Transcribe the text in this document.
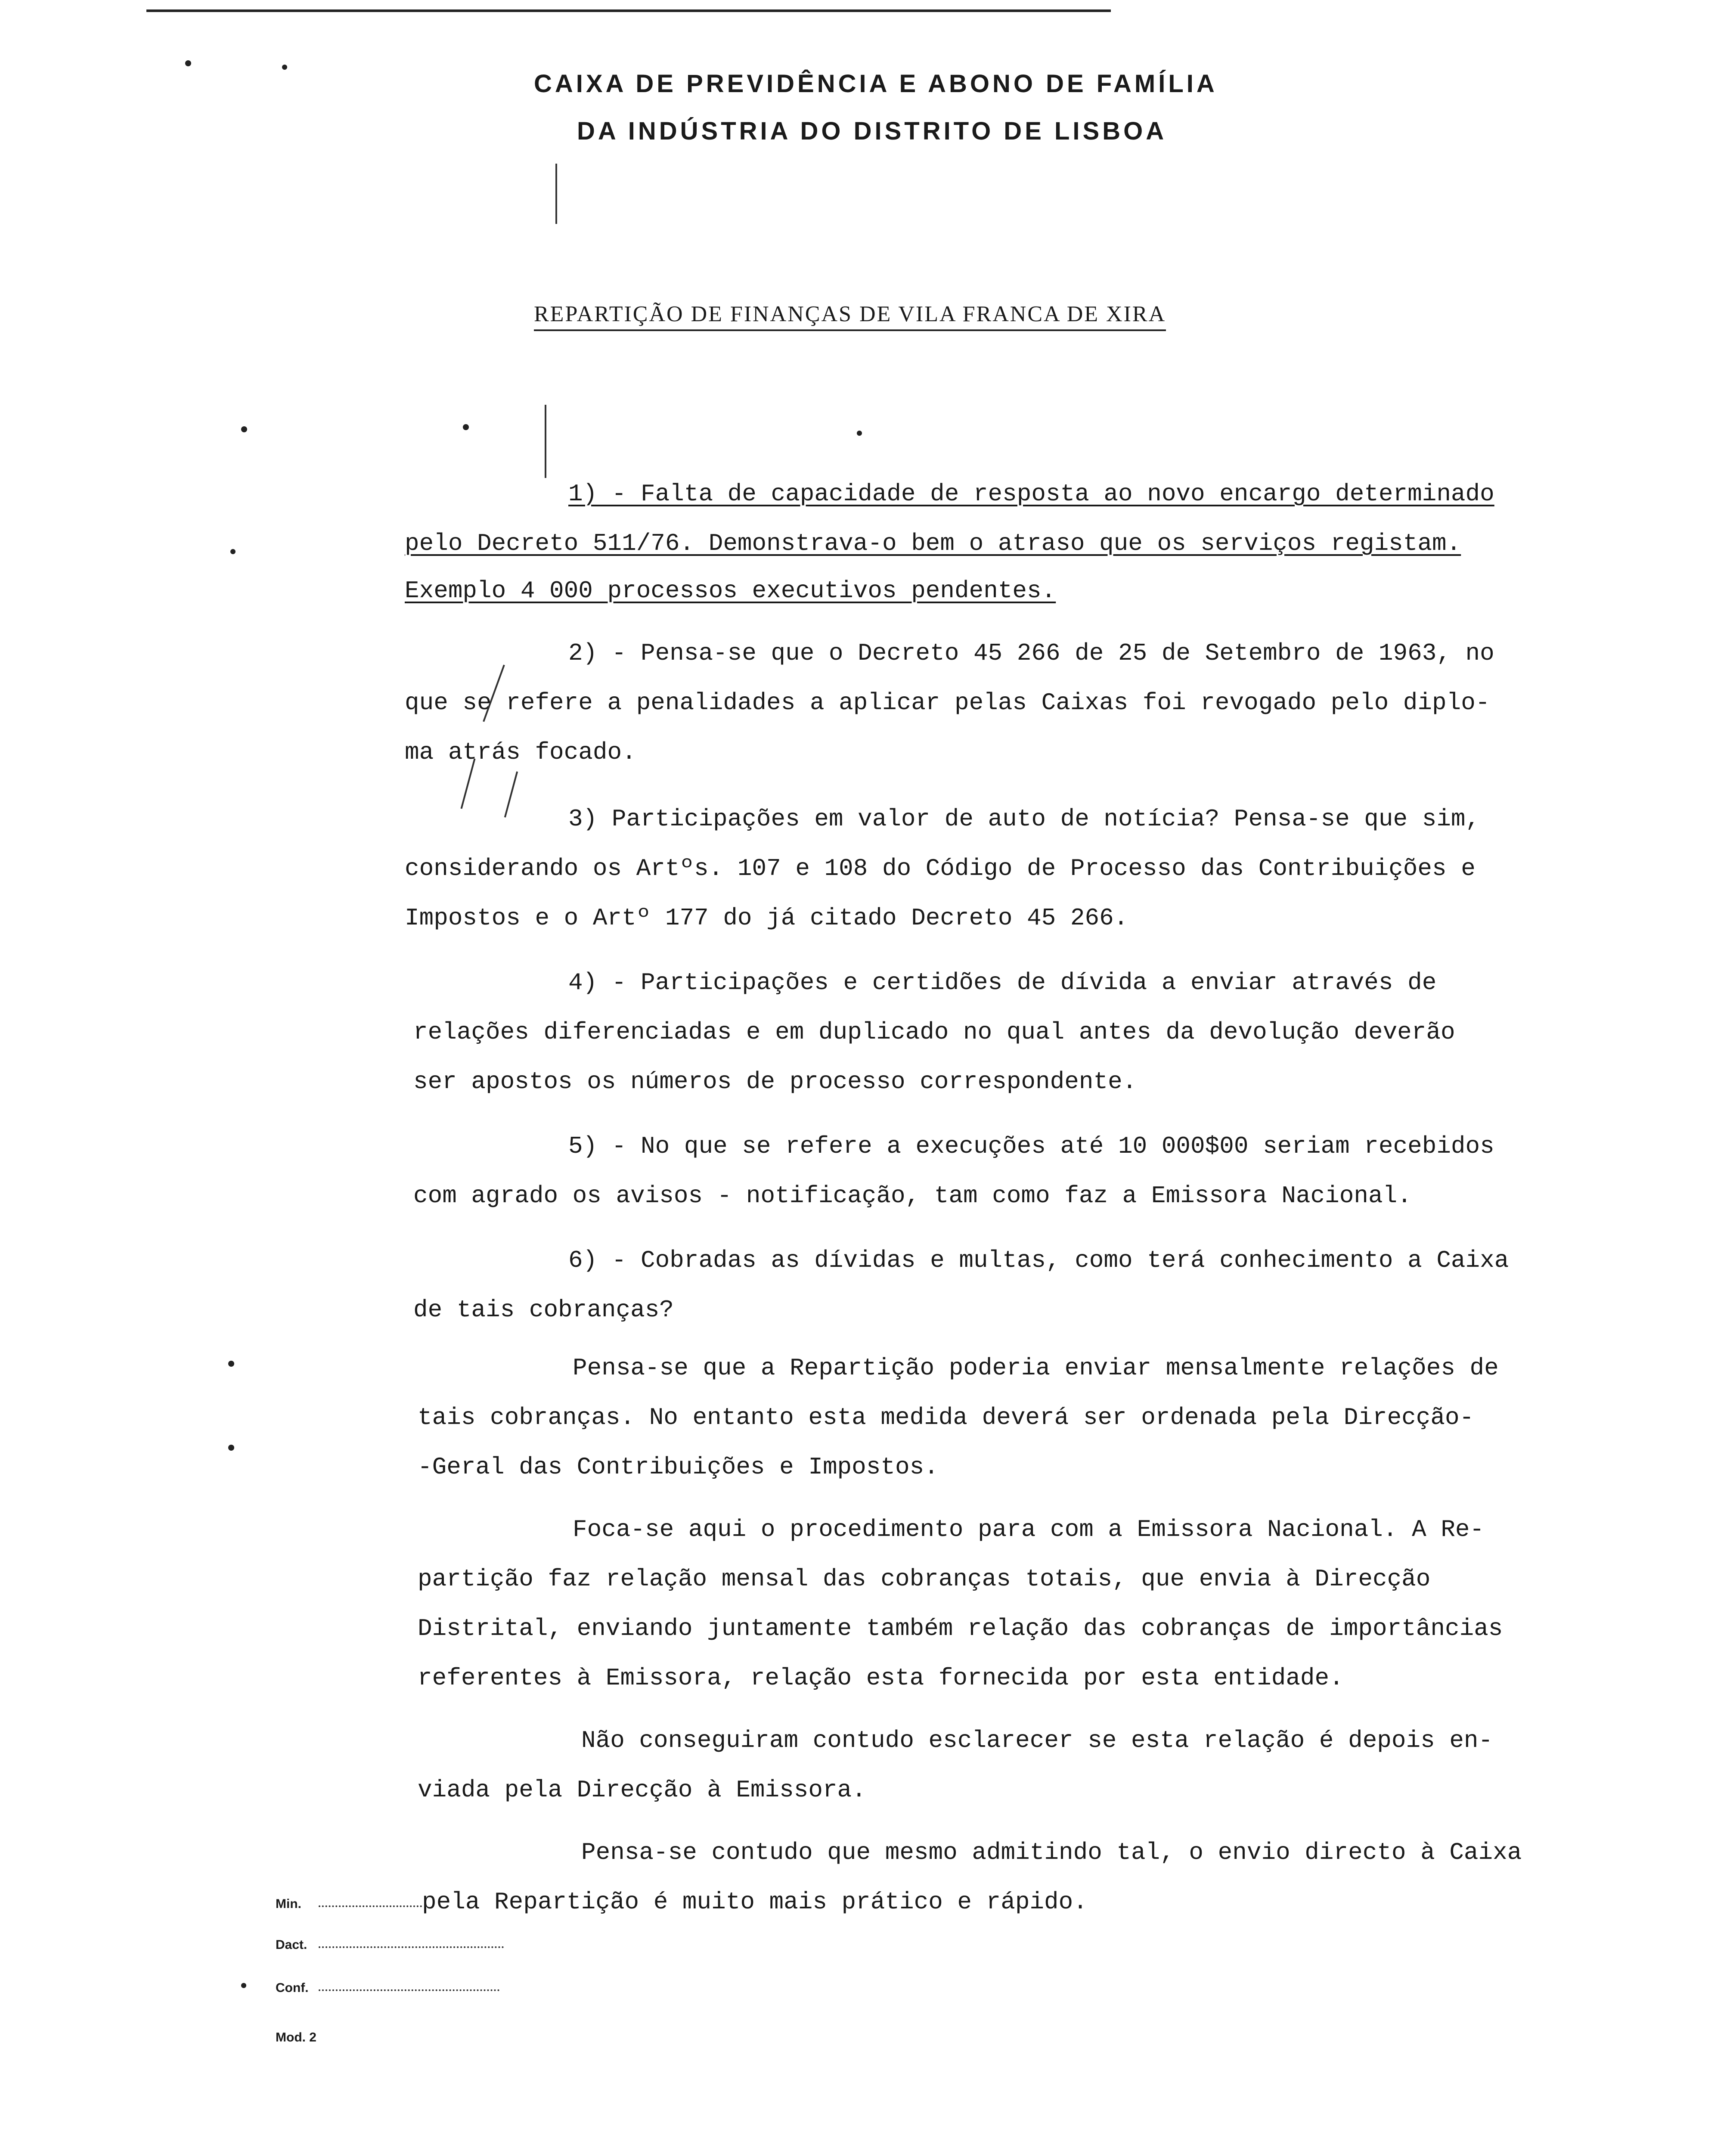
CAIXA DE PREVIDÊNCIA E ABONO DE FAMÍLIA
DA INDÚSTRIA DO DISTRITO DE LISBOA
REPARTIÇÃO DE FINANÇAS DE VILA FRANCA DE XIRA
1) - Falta de capacidade de resposta ao novo encargo determinado
pelo Decreto 511/76. Demonstrava-o bem o atraso que os serviços registam.
Exemplo 4 000 processos executivos pendentes.
2) - Pensa-se que o Decreto 45 266 de 25 de Setembro de 1963, no
que se refere a penalidades a aplicar pelas Caixas foi revogado pelo diplo-
ma atrás focado.
3) Participações em valor de auto de notícia? Pensa-se que sim,
considerando os Artºs. 107 e 108 do Código de Processo das Contribuições e
Impostos e o Artº 177 do já citado Decreto 45 266.
4) - Participações e certidões de dívida a enviar através de
relações diferenciadas e em duplicado no qual antes da devolução deverão
ser apostos os números de processo correspondente.
5) - No que se refere a execuções até 10 000$00 seriam recebidos
com agrado os avisos - notificação, tam como faz a Emissora Nacional.
6) - Cobradas as dívidas e multas, como terá conhecimento a Caixa
de tais cobranças?
Pensa-se que a Repartição poderia enviar mensalmente relações de
tais cobranças. No entanto esta medida deverá ser ordenada pela Direcção-
-Geral das Contribuições e Impostos.
Foca-se aqui o procedimento para com a Emissora Nacional. A Re-
partição faz relação mensal das cobranças totais, que envia à Direcção
Distrital, enviando juntamente também relação das cobranças de importâncias
referentes à Emissora, relação esta fornecida por esta entidade.
Não conseguiram contudo esclarecer se esta relação é depois en-
viada pela Direcção à Emissora.
Pensa-se contudo que mesmo admitindo tal, o envio directo à Caixa
pela Repartição é muito mais prático e rápido.
Min.
Dact.
Conf.
Mod. 2
